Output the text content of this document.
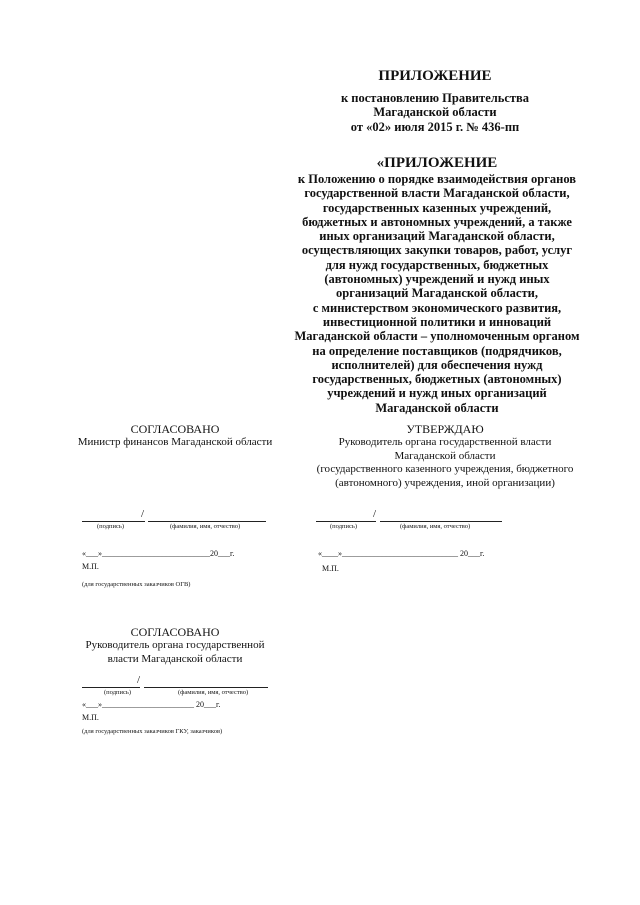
ПРИЛОЖЕНИЕ
к постановлению Правительства
Магаданской области
от «02» июля 2015 г. № 436-пп
«ПРИЛОЖЕНИЕ
к Положению о порядке взаимодействия органов
государственной власти Магаданской области,
государственных казенных учреждений,
бюджетных и автономных учреждений, а также
иных организаций Магаданской области,
осуществляющих закупки товаров, работ, услуг
для нужд государственных, бюджетных
(автономных) учреждений и нужд иных
организаций Магаданской области,
с министерством экономического развития,
инвестиционной политики и инноваций
Магаданской области – уполномоченным органом
на определение поставщиков (подрядчиков,
исполнителей) для обеспечения нужд
государственных, бюджетных (автономных)
учреждений и нужд иных организаций
Магаданской области
СОГЛАСОВАНО
Министр финансов Магаданской области
/
(подпись)	(фамилия, имя, отчество)
«___»___________________________20___г.
М.П.
(для государственных заказчиков ОГВ)
УТВЕРЖДАЮ
Руководитель органа государственной власти
Магаданской области
(государственного казенного учреждения, бюджетного
(автономного) учреждения, иной организации)
/
(подпись)	(фамилия, имя, отчество)
«____»_____________________________ 20___г.
М.П.
СОГЛАСОВАНО
Руководитель органа государственной
власти Магаданской области
/
(подпись)	(фамилия, имя, отчество)
«___»_______________________ 20___г.
М.П.
(для государственных заказчиков ГКУ, заказчиков)
